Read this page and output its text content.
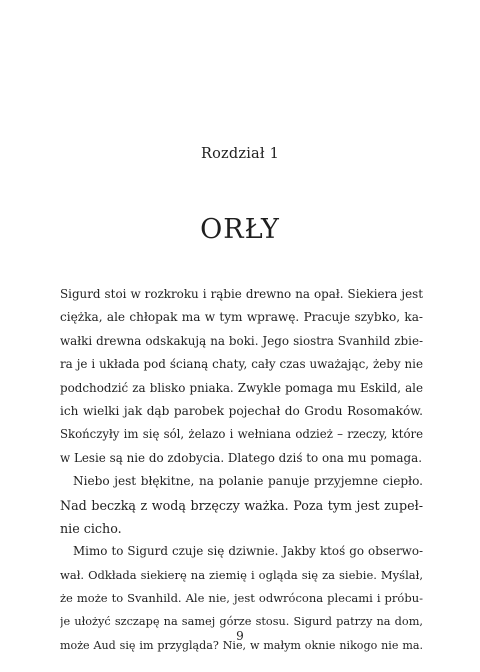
Rozdział 1
ORŁY
Sigurd stoi w rozkroku i rąbie drewno na opał. Siekiera jest
ciężka, ale chłopak ma w tym wprawę. Pracuje szybko, ka-
wałki drewna odskakują na boki. Jego siostra Svanhild zbie-
ra je i układa pod ścianą chaty, cały czas uważając, żeby nie
podchodzić za blisko pniaka. Zwykle pomaga mu Eskild, ale
ich wielki jak dąb parobek pojechał do Grodu Rosomaków.
Skończyły im się sól, żelazo i wełniana odzież – rzeczy, które
w Lesie są nie do zdobycia. Dlatego dziś to ona mu pomaga.
Niebo jest błękitne, na polanie panuje przyjemne ciepło.
Nad beczką z wodą brzęczy ważka. Poza tym jest zupeł-
nie cicho.
Mimo to Sigurd czuje się dziwnie. Jakby ktoś go obserwo-
wał. Odkłada siekierę na ziemię i ogląda się za siebie. Myślał,
że może to Svanhild. Ale nie, jest odwrócona plecami i próbu-
je ułożyć szczapę na samej górze stosu. Sigurd patrzy na dom,
może Aud się im przygląda? Nie, w małym oknie nikogo nie ma.
9
